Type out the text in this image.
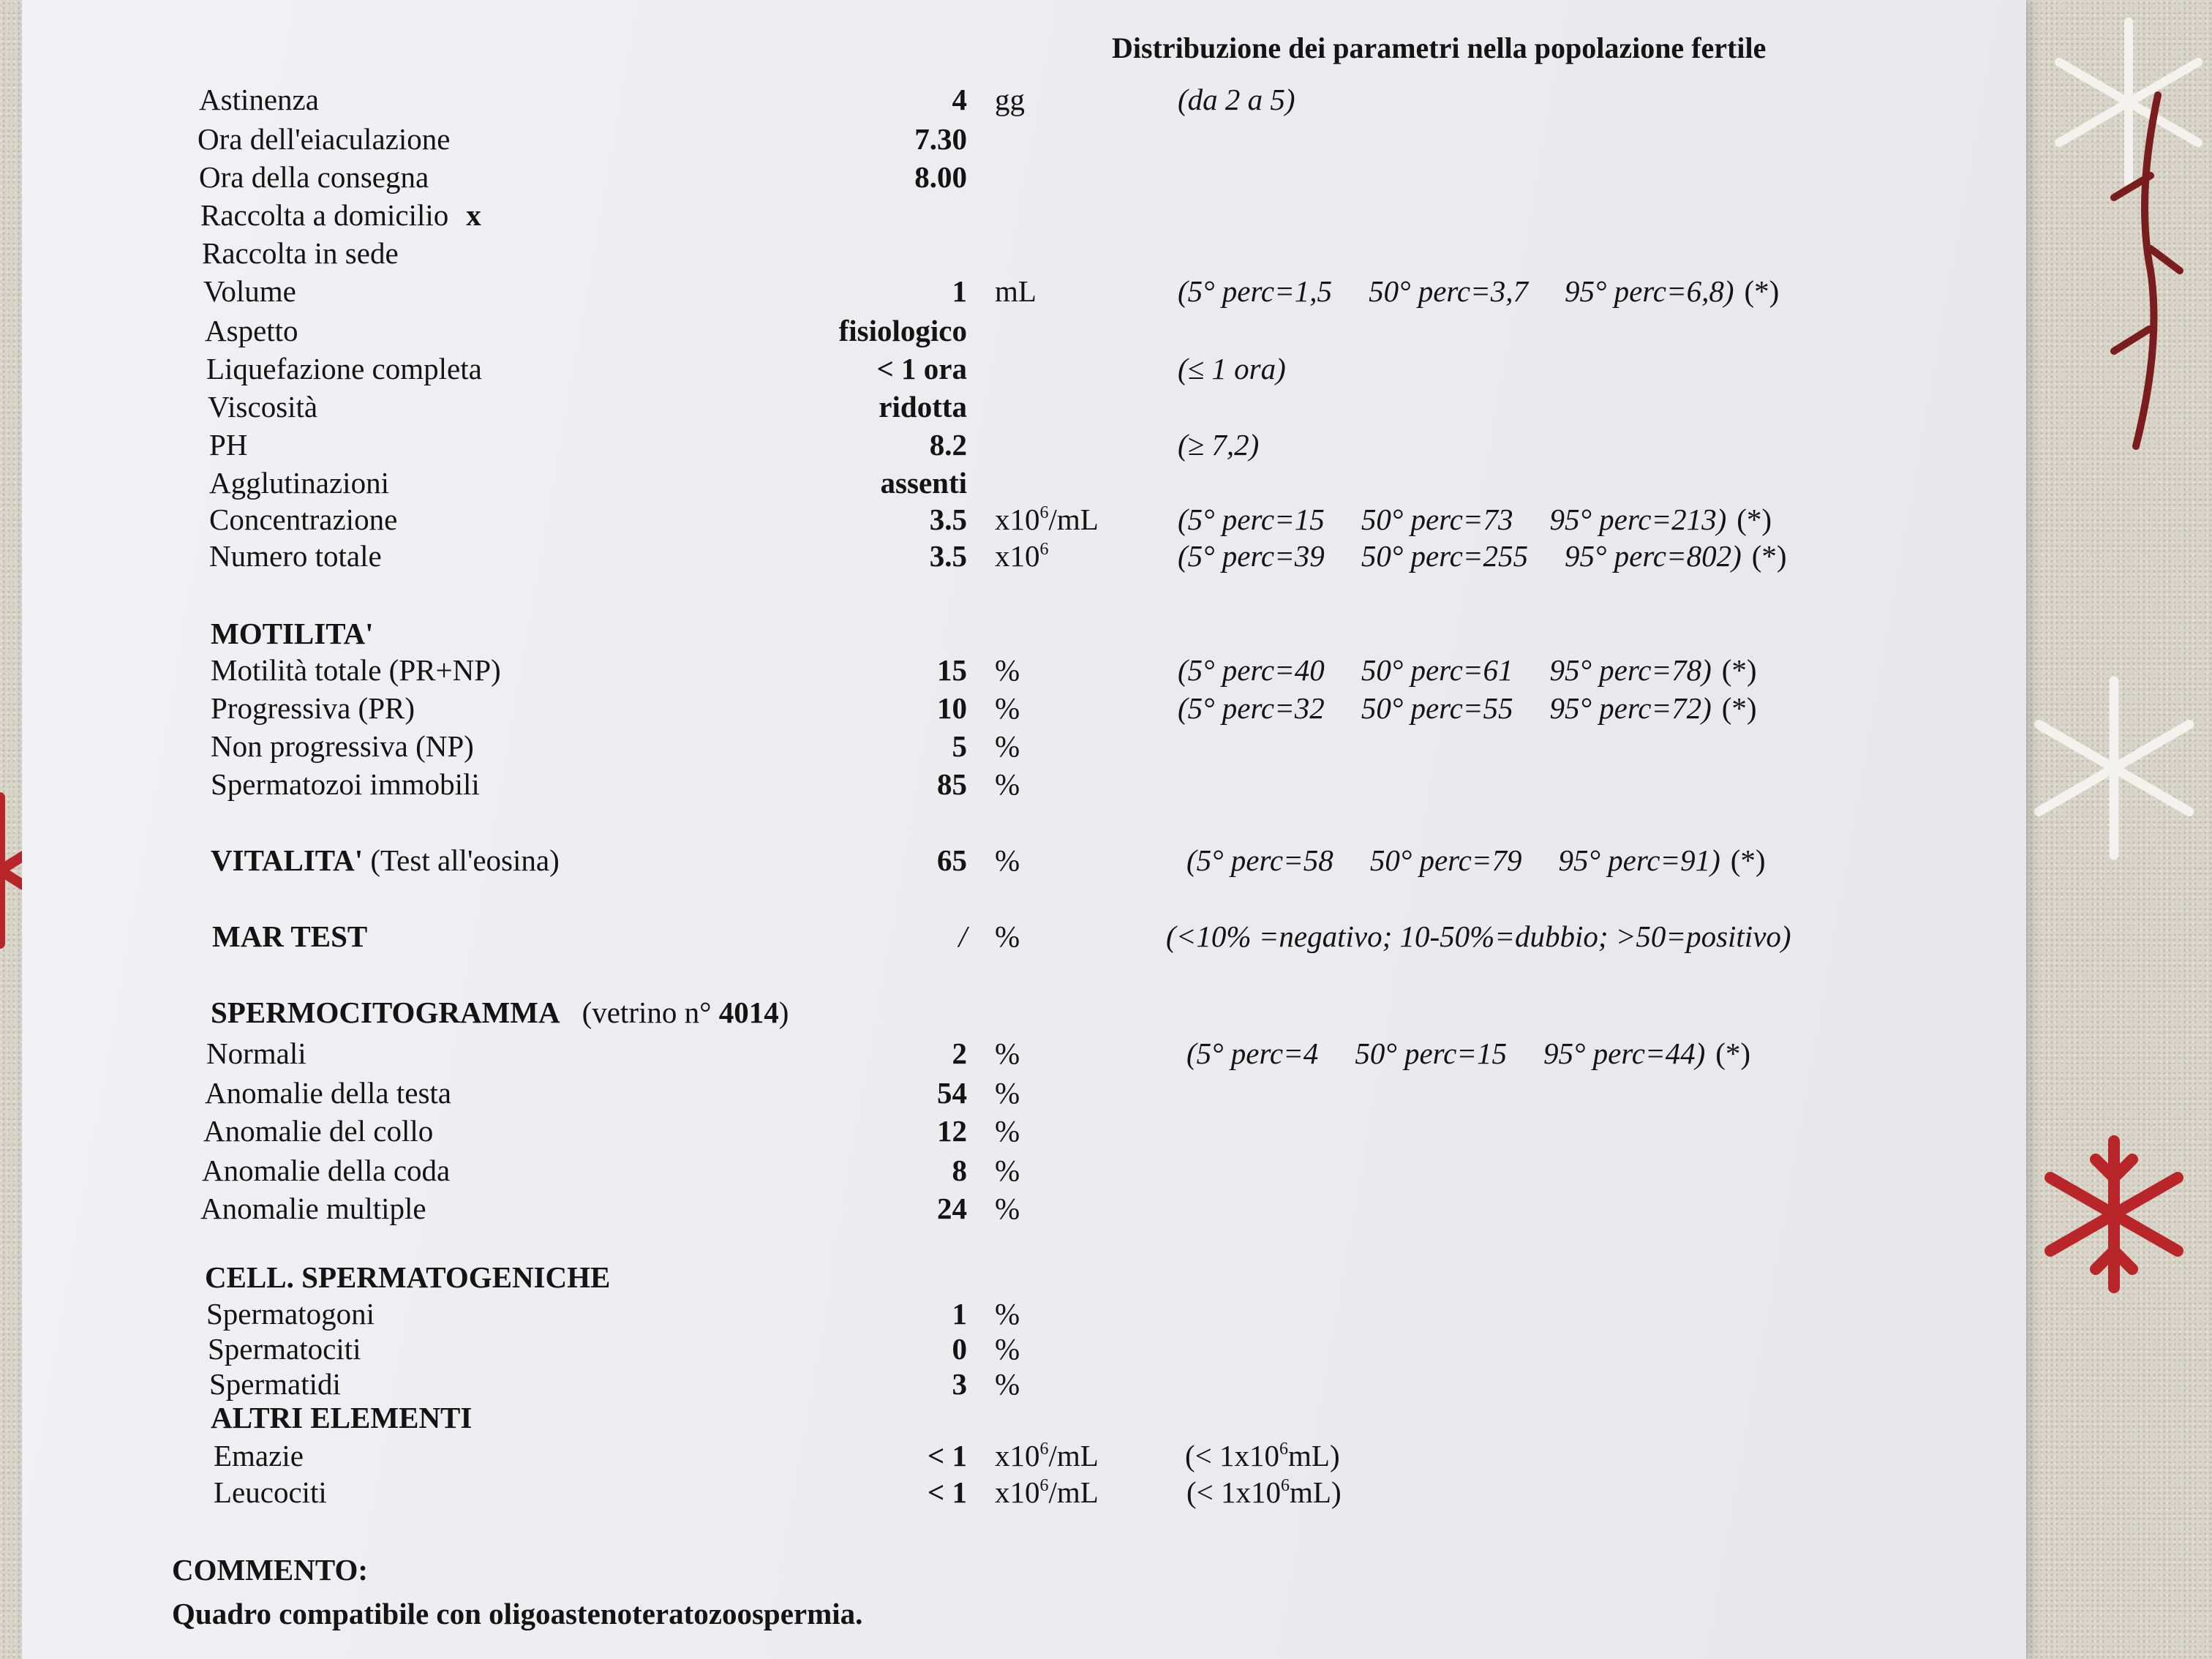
Distribuzione dei parametri nella popolazione fertile
Astinenza	4 gg	(da 2 a 5)
Ora dell'eiaculazione	7.30
Ora della consegna	8.00
Raccolta a domicilio x
Raccolta in sede
Volume	1 mL	(5° perc=1,5 50° perc=3,7 95° perc=6,8) (*)
Aspetto	fisiologico
Liquefazione completa	< 1 ora	(≤ 1 ora)
Viscosità	ridotta
PH	8.2	(≥ 7,2)
Agglutinazioni	assenti
Concentrazione	3.5 $x10^6/mL$	(5° perc=15 50° perc=73 95° perc=213) (*)
Numero totale	3.5 $x10^6$	(5° perc=39 50° perc=255 95° perc=802) (*)
MOTILITA'
Motilità totale (PR+NP)	15 %	(5° perc=40 50° perc=61 95° perc=78) (*)
Progressiva (PR)	10 %	(5° perc=32 50° perc=55 95° perc=72) (*)
Non progressiva (NP)	5 %
Spermatozoi immobili	85 %
VITALITA' (Test all'eosina)	65 %	(5° perc=58 50° perc=79 95° perc=91) (*)
MAR TEST	/ %	(<10% =negativo; 10-50%=dubbio; >50=positivo)
SPERMOCITOGRAMMA (vetrino n° 4014)
Normali	2 %	(5° perc=4 50° perc=15 95° perc=44) (*)
Anomalie della testa	54 %
Anomalie del collo	12 %
Anomalie della coda	8 %
Anomalie multiple	24 %
CELL. SPERMATOGENICHE
Spermatogoni	1 %
Spermatociti	0 %
Spermatidi	3 %
ALTRI ELEMENTI
Emazie	< 1 $x10^6/mL$	(< $1x10^6mL$)
Leucociti	< 1 $x10^6/mL$	(< $1x10^6mL$)
COMMENTO:
Quadro compatibile con oligoastenoteratozoospermia.
